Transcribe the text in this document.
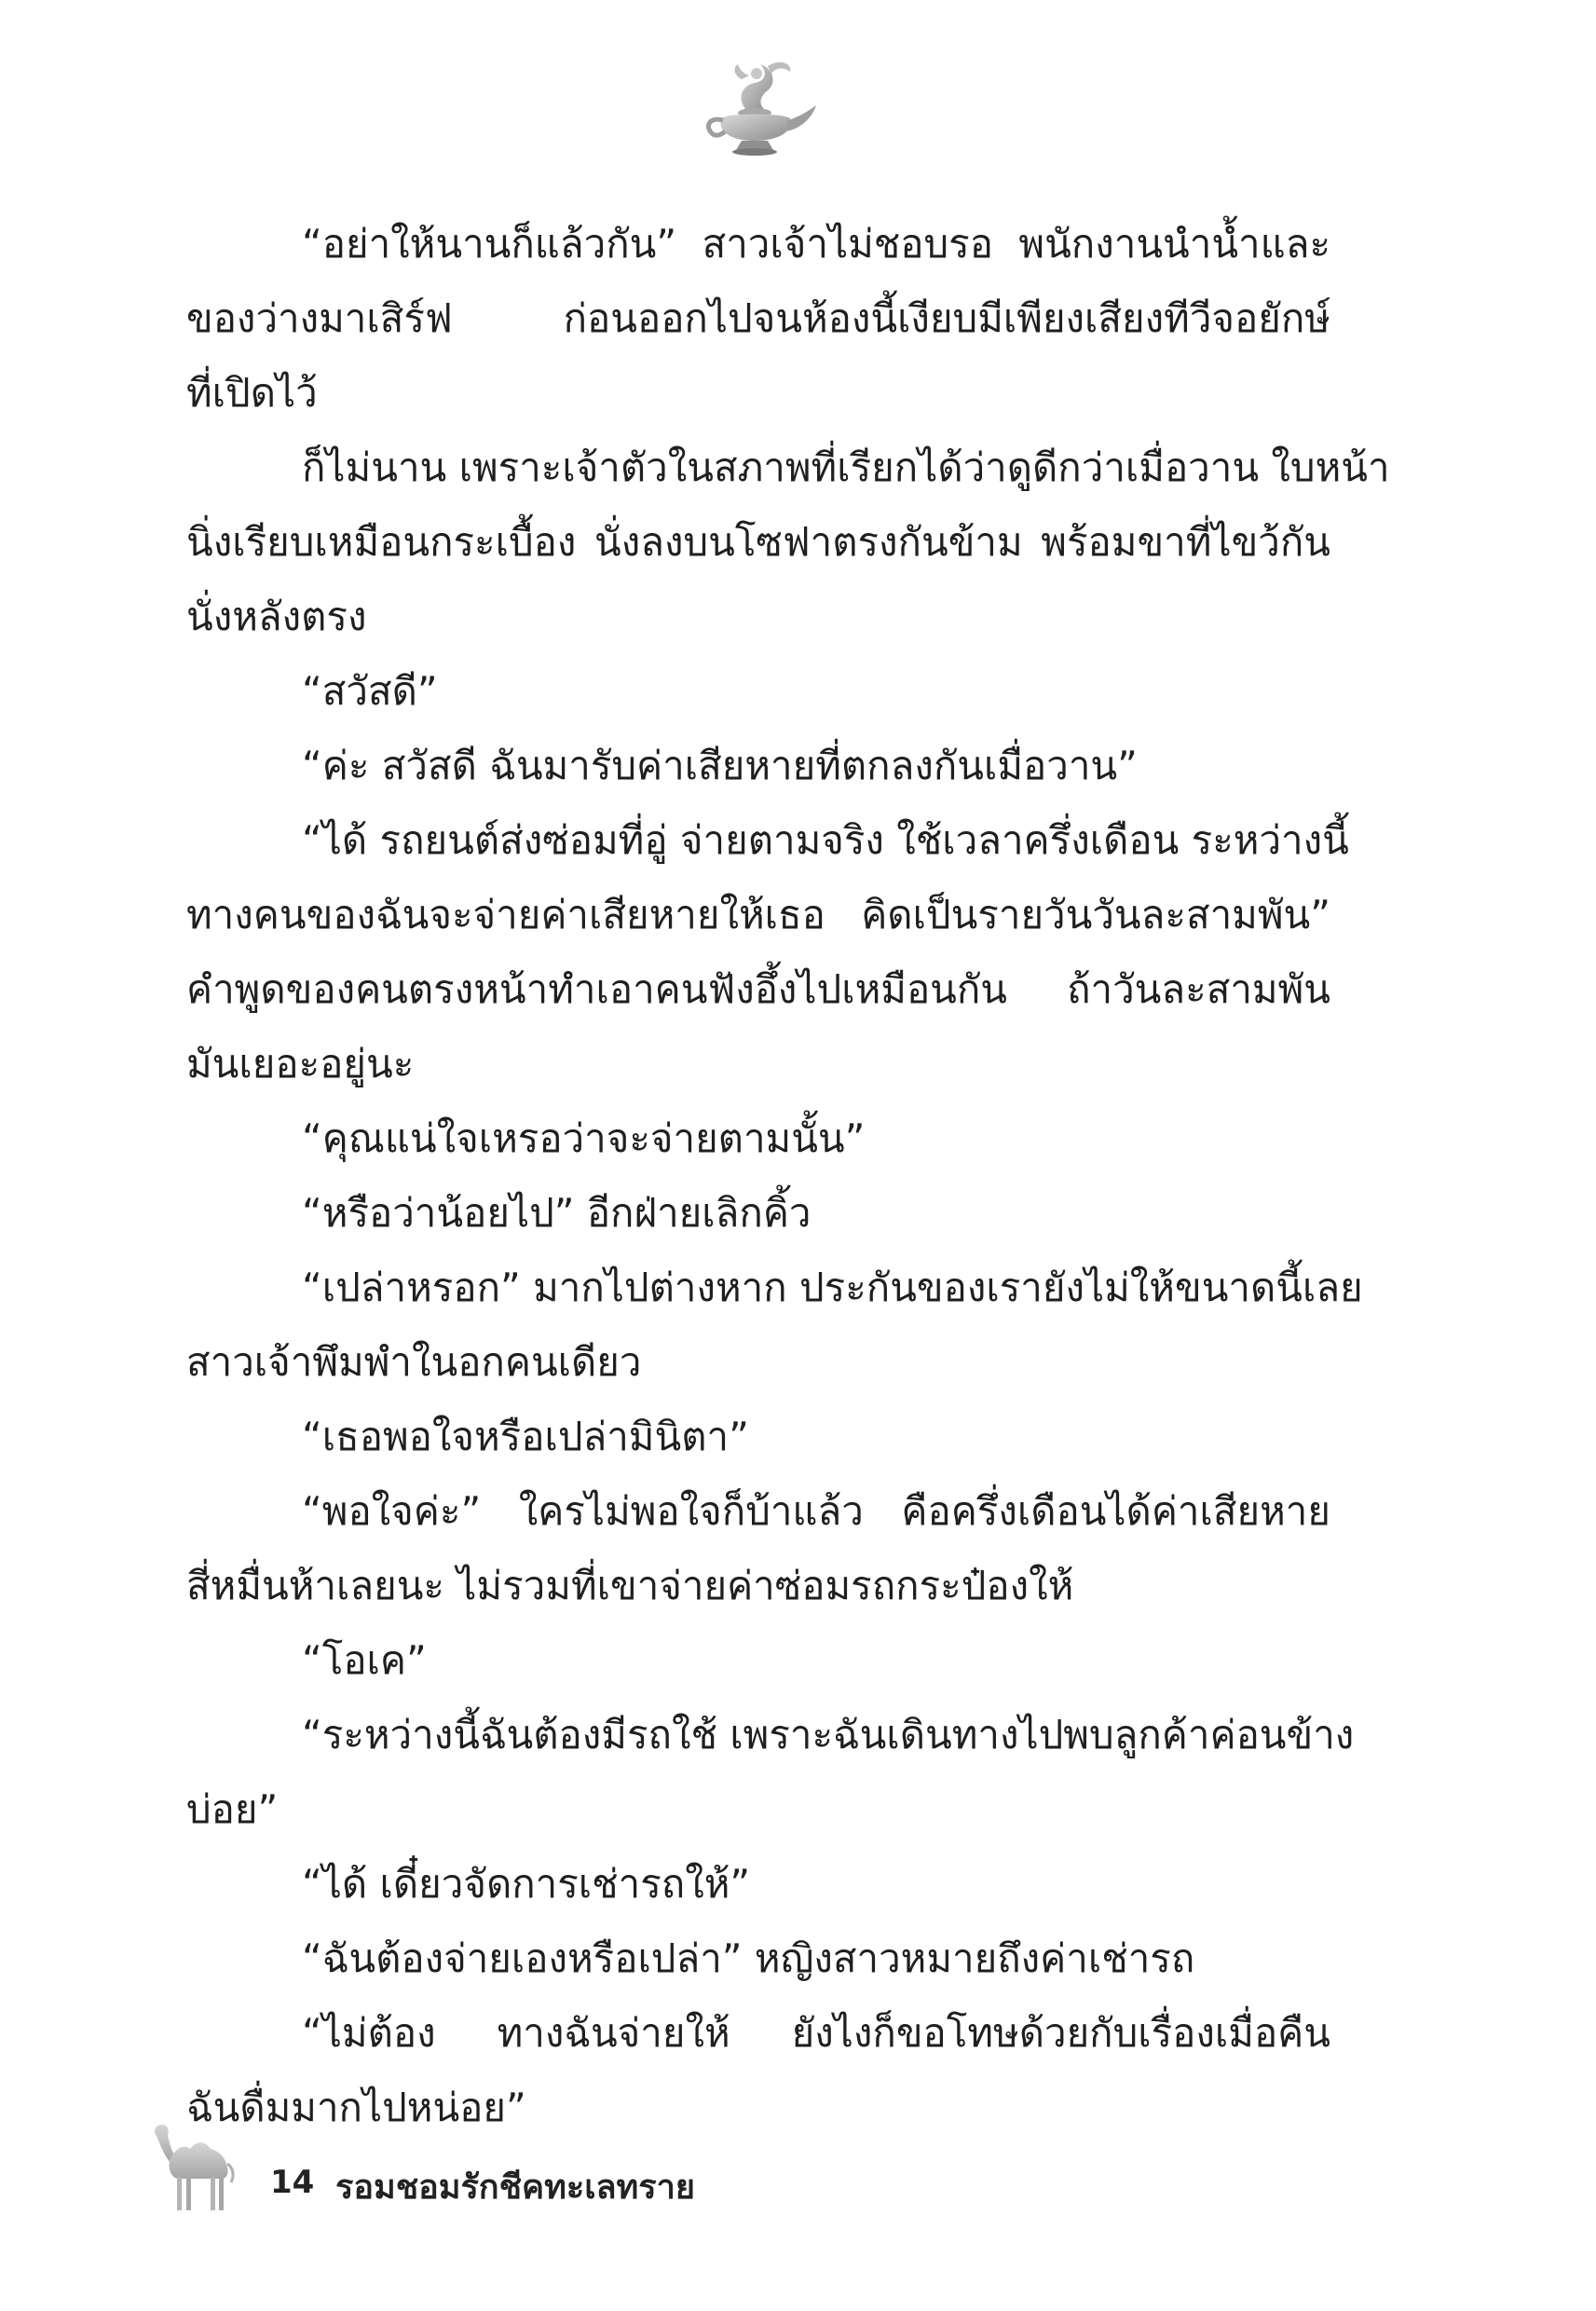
“อย่าให้นานก็แล้วกัน” สาวเจ้าไม่ชอบรอ พนักงานนำน้ำและ
ของว่างมาเสิร์ฟ ก่อนออกไปจนห้องนี้เงียบมีเพียงเสียงทีวีจอยักษ์
ที่เปิดไว้
ก็ไม่นาน เพราะเจ้าตัวในสภาพที่เรียกได้ว่าดูดีกว่าเมื่อวาน ใบหน้า
นิ่งเรียบเหมือนกระเบื้อง นั่งลงบนโซฟาตรงกันข้าม พร้อมขาที่ไขว้กัน
นั่งหลังตรง
“สวัสดี”
“ค่ะ สวัสดี ฉันมารับค่าเสียหายที่ตกลงกันเมื่อวาน”
“ได้ รถยนต์ส่งซ่อมที่อู่ จ่ายตามจริง ใช้เวลาครึ่งเดือน ระหว่างนี้
ทางคนของฉันจะจ่ายค่าเสียหายให้เธอ คิดเป็นรายวันวันละสามพัน”
คำพูดของคนตรงหน้าทำเอาคนฟังอึ้งไปเหมือนกัน ถ้าวันละสามพัน
มันเยอะอยู่นะ
“คุณแน่ใจเหรอว่าจะจ่ายตามนั้น”
“หรือว่าน้อยไป” อีกฝ่ายเลิกคิ้ว
“เปล่าหรอก” มากไปต่างหาก ประกันของเรายังไม่ให้ขนาดนี้เลย
สาวเจ้าพึมพำในอกคนเดียว
“เธอพอใจหรือเปล่ามินิตา”
“พอใจค่ะ” ใครไม่พอใจก็บ้าแล้ว คือครึ่งเดือนได้ค่าเสียหาย
สี่หมื่นห้าเลยนะ ไม่รวมที่เขาจ่ายค่าซ่อมรถกระป๋องให้
“โอเค”
“ระหว่างนี้ฉันต้องมีรถใช้ เพราะฉันเดินทางไปพบลูกค้าค่อนข้าง
บ่อย”
“ได้ เดี๋ยวจัดการเช่ารถให้”
“ฉันต้องจ่ายเองหรือเปล่า” หญิงสาวหมายถึงค่าเช่ารถ
“ไม่ต้อง ทางฉันจ่ายให้ ยังไงก็ขอโทษด้วยกับเรื่องเมื่อคืน
ฉันดื่มมากไปหน่อย”
14 รอมชอมรักชีคทะเลทราย
